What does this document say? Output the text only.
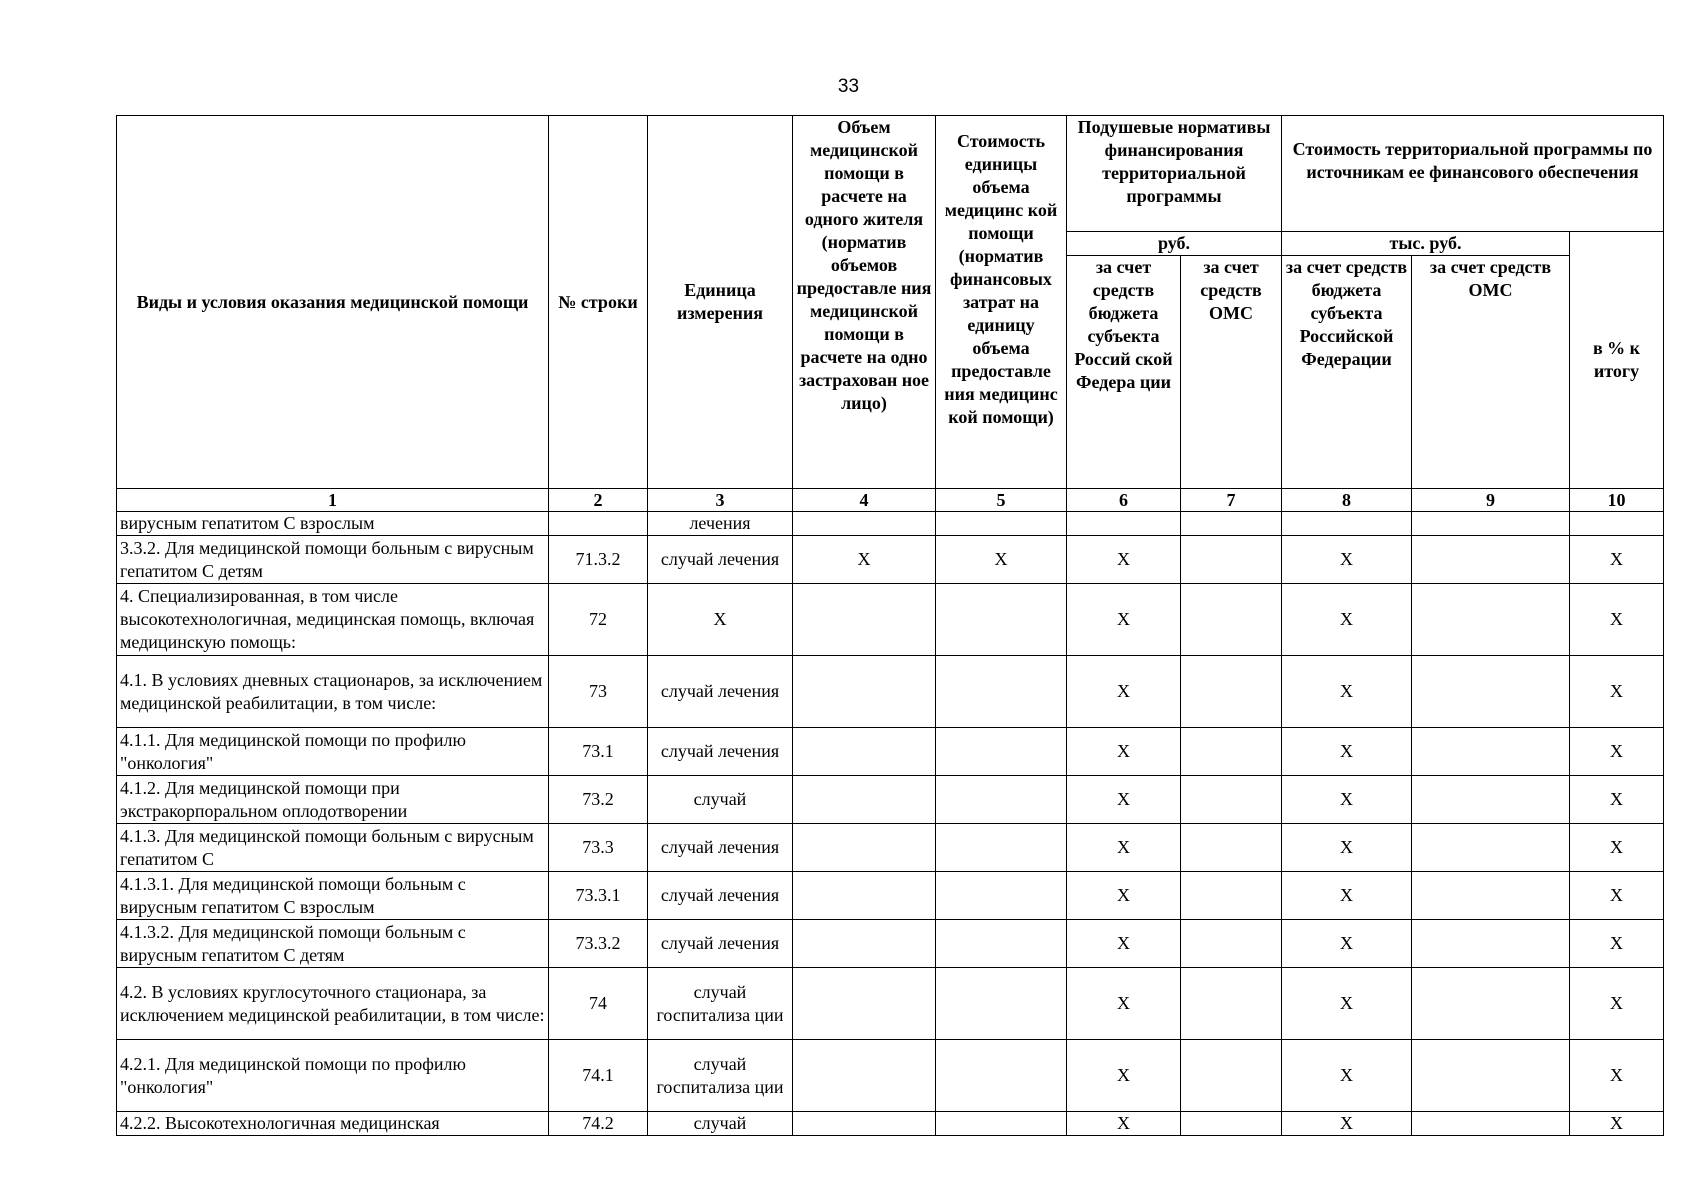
33
Виды и условия оказания медицинской помощи	№ строки	Единица измерения	Объем медицинской помощи в расчете на одного жителя (норматив объемов предоставле ния медицинской помощи в расчете на одно застрахован ное лицо)	Стоимость единицы объема медицинс кой помощи (норматив финансовых затрат на единицу объема предоставле ния медицинс кой помощи)	Подушевые нормативы финансирования территориальной программы		Стоимость территориальной программы по источникам ее финансового обеспечения		
					руб.		тыс. руб.		в % к итогу
					за счет средств бюджета субъекта Россий ской Федера ции	за счет средств ОМС	за счет средств бюджета субъекта Российской Федерации	за счет средств ОМС	
1	2	3	4	5	6	7	8	9	10
вирусным гепатитом С взрослым		лечения							
3.3.2. Для медицинской помощи больным с вирусным гепатитом С детям	71.3.2	случай лечения	X	X	X		X		X
4. Специализированная, в том числе высокотехнологичная, медицинская помощь, включая медицинскую помощь:	72	X			X		X		X
4.1. В условиях дневных стационаров, за исключением медицинской реабилитации, в том числе:	73	случай лечения			X		X		X
4.1.1. Для медицинской помощи по профилю "онкология"	73.1	случай лечения			X		X		X
4.1.2. Для медицинской помощи при экстракорпоральном оплодотворении	73.2	случай			X		X		X
4.1.3. Для медицинской помощи больным с вирусным гепатитом С	73.3	случай лечения			X		X		X
4.1.3.1. Для медицинской помощи больным с вирусным гепатитом С взрослым	73.3.1	случай лечения			X		X		X
4.1.3.2. Для медицинской помощи больным с вирусным гепатитом С детям	73.3.2	случай лечения			X		X		X
4.2. В условиях круглосуточного стационара, за исключением медицинской реабилитации, в том числе:	74	случай госпитализа ции			X		X		X
4.2.1. Для медицинской помощи по профилю "онкология"	74.1	случай госпитализа ции			X		X		X
4.2.2. Высокотехнологичная медицинская	74.2	случай			X		X		X
